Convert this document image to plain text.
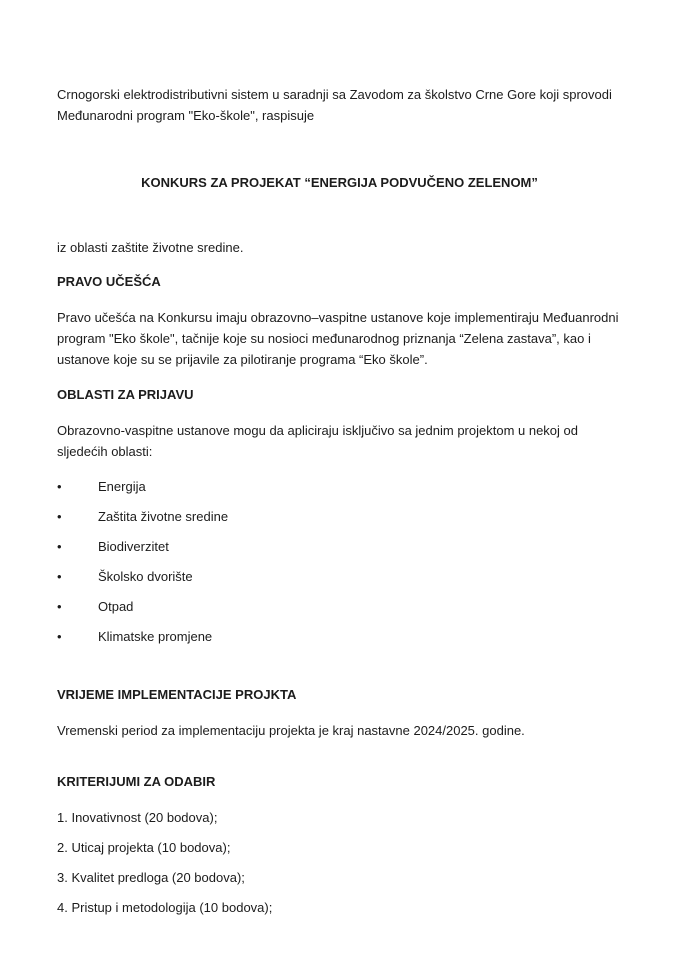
Crnogorski elektrodistributivni sistem u saradnji sa Zavodom za školstvo Crne Gore koji sprovodi Međunarodni program "Eko-škole", raspisuje

KONKURS ZA PROJEKAT “ENERGIJA PODVUČENO ZELENOM”

iz oblasti zaštite životne sredine.

PRAVO UČEŠĆA

Pravo učešća na Konkursu imaju obrazovno–vaspitne ustanove koje implementiraju Međuanrodni program "Eko škole", tačnije koje su nosioci međunarodnog priznanja “Zelena zastava”, kao i ustanove koje su se prijavile za pilotiranje programa “Eko škole”.

OBLASTI ZA PRIJAVU

Obrazovno-vaspitne ustanove mogu da apliciraju isključivo sa jednim projektom u nekoj od sljedećih oblasti:

•	Energija
•	Zaštita životne sredine
•	Biodiverzitet
•	Školsko dvorište
•	Otpad
•	Klimatske promjene

VRIJEME IMPLEMENTACIJE PROJKTA

Vremenski period za implementaciju projekta je kraj nastavne 2024/2025. godine.

KRITERIJUMI ZA ODABIR

1. Inovativnost (20 bodova);

2. Uticaj projekta (10 bodova);

3. Kvalitet predloga (20 bodova);

4. Pristup i metodologija (10 bodova);
